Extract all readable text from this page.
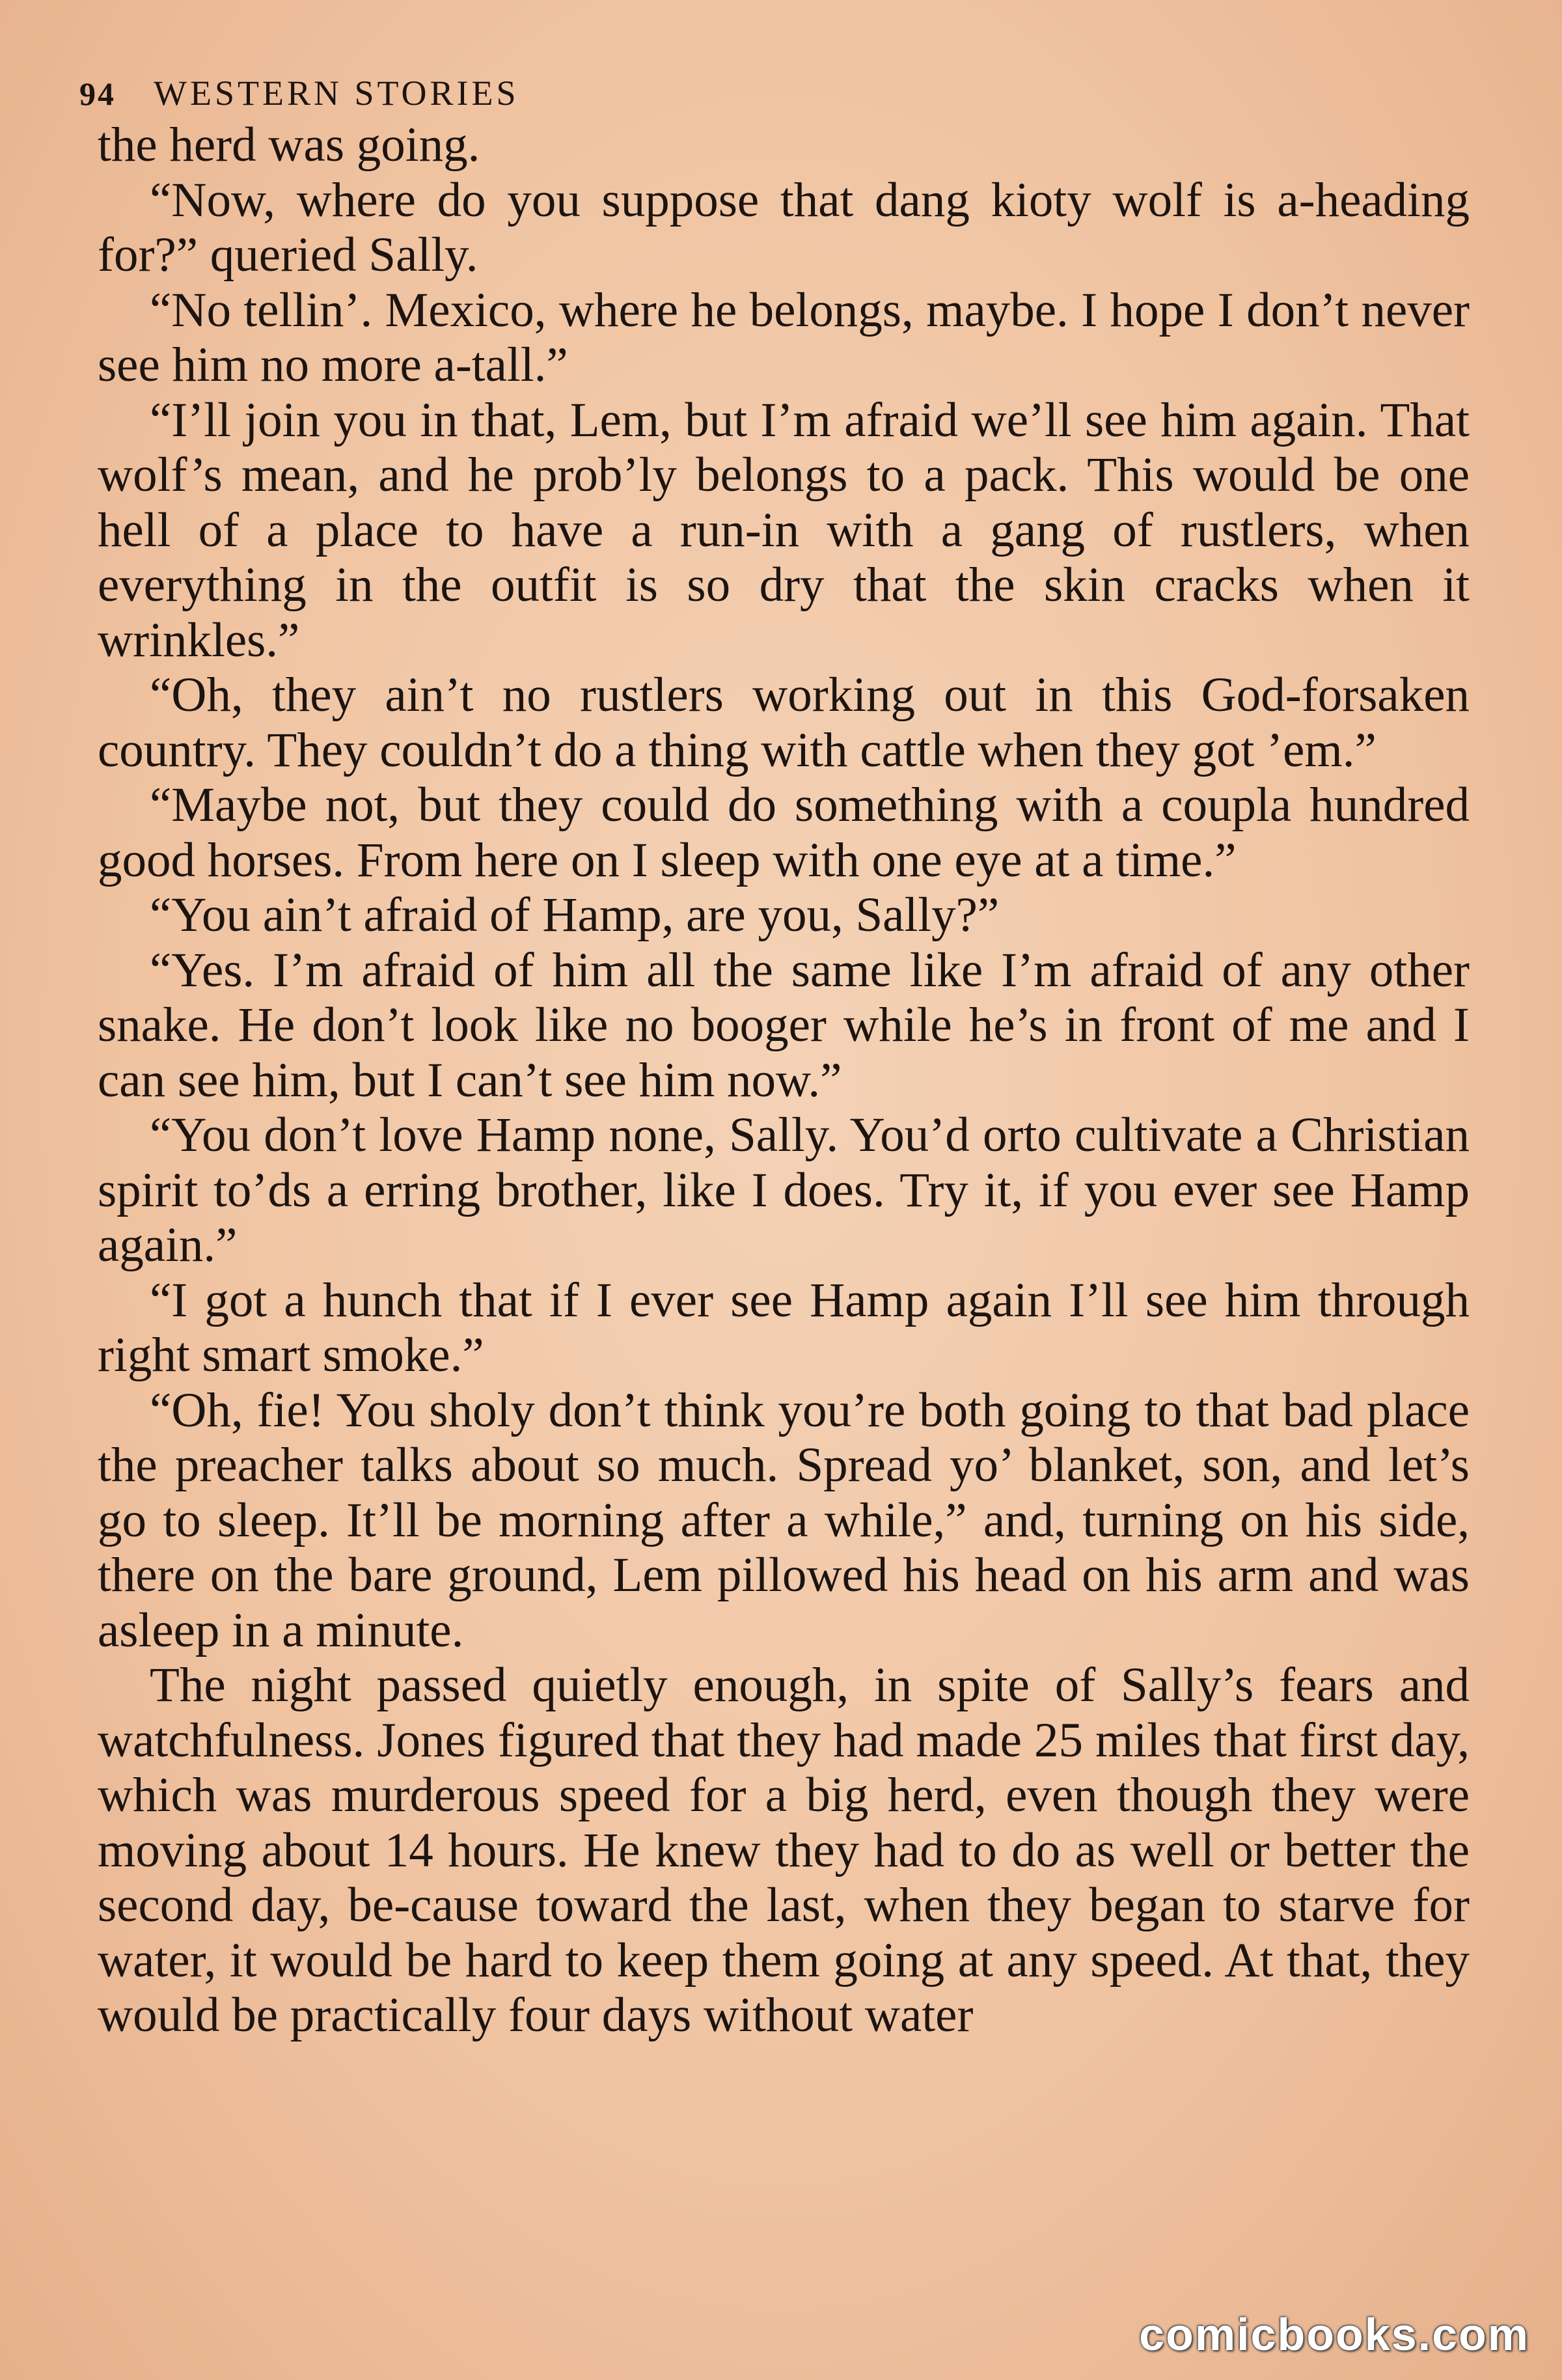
94 WESTERN STORIES

the herd was going.

“Now, where do you suppose that dang kioty wolf is a-heading for?” queried Sally.

“No tellin’. Mexico, where he belongs, maybe. I hope I don’t never see him no more a-tall.”

“I’ll join you in that, Lem, but I’m afraid we’ll see him again. That wolf’s mean, and he prob’ly belongs to a pack. This would be one hell of a place to have a run-in with a gang of rustlers, when everything in the outfit is so dry that the skin cracks when it wrinkles.”

“Oh, they ain’t no rustlers working out in this God-forsaken country. They couldn’t do a thing with cattle when they got ’em.”

“Maybe not, but they could do something with a coupla hundred good horses. From here on I sleep with one eye at a time.”

“You ain’t afraid of Hamp, are you, Sally?”

“Yes. I’m afraid of him all the same like I’m afraid of any other snake. He don’t look like no booger while he’s in front of me and I can see him, but I can’t see him now.”

“You don’t love Hamp none, Sally. You’d orto cultivate a Christian spirit to’ds a erring brother, like I does. Try it, if you ever see Hamp again.”

“I got a hunch that if I ever see Hamp again I’ll see him through right smart smoke.”

“Oh, fie! You sholy don’t think you’re both going to that bad place the preacher talks about so much. Spread yo’ blanket, son, and let’s go to sleep. It’ll be morning after a while,” and, turning on his side, there on the bare ground, Lem pillowed his head on his arm and was asleep in a minute.

The night passed quietly enough, in spite of Sally’s fears and watchfulness. Jones figured that they had made 25 miles that first day, which was murderous speed for a big herd, even though they were moving about 14 hours. He knew they had to do as well or better the second day, be-cause toward the last, when they began to starve for water, it would be hard to keep them going at any speed. At that, they would be practically four days without water

comicbooks.com
